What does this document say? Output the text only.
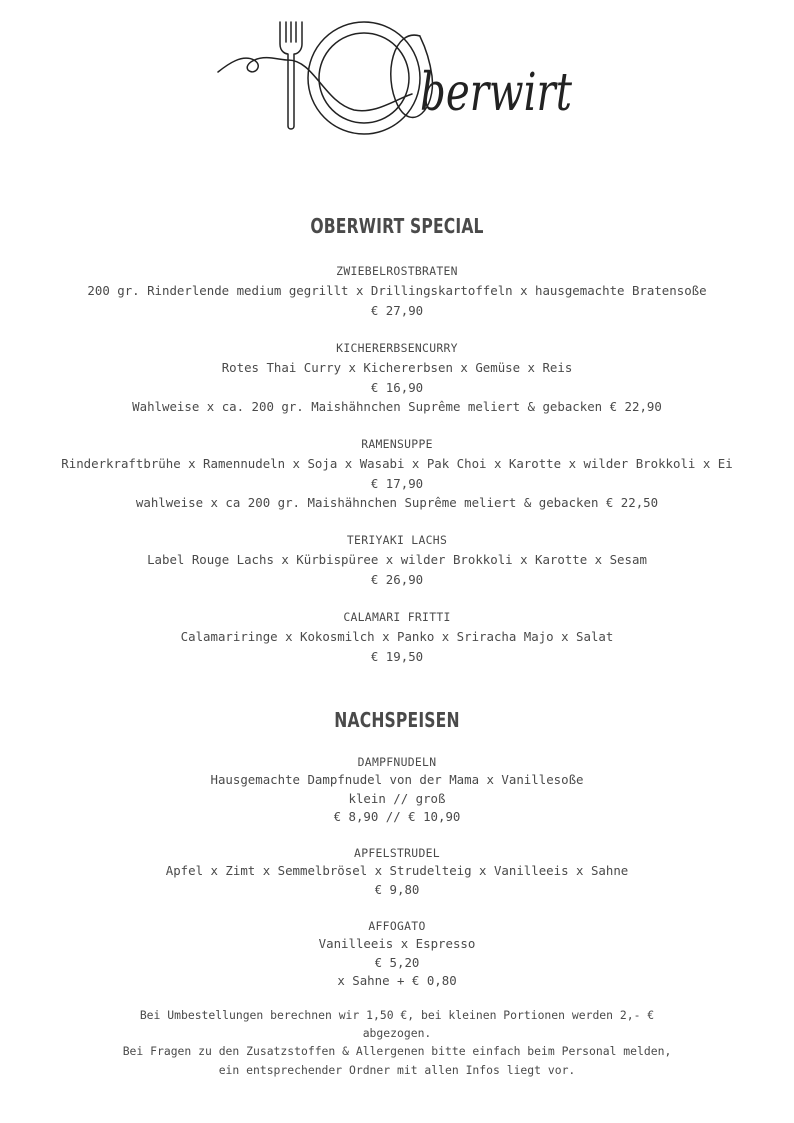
berwirt
OBERWIRT SPECIAL
ZWIEBELROSTBRATEN
200 gr. Rinderlende medium gegrillt x Drillingskartoffeln x hausgemachte Bratensoße
€ 27,90
KICHERERBSENCURRY
Rotes Thai Curry x Kichererbsen x Gemüse x Reis
€ 16,90
Wahlweise x ca. 200 gr. Maishähnchen Suprême meliert & gebacken € 22,90
RAMENSUPPE
Rinderkraftbrühe x Ramennudeln x Soja x Wasabi x Pak Choi x Karotte x wilder Brokkoli x Ei
€ 17,90
wahlweise x ca 200 gr. Maishähnchen Suprême meliert & gebacken € 22,50
TERIYAKI LACHS
Label Rouge Lachs x Kürbispüree x wilder Brokkoli x Karotte x Sesam
€ 26,90
CALAMARI FRITTI
Calamariringe x Kokosmilch x Panko x Sriracha Majo x Salat
€ 19,50
NACHSPEISEN
DAMPFNUDELN
Hausgemachte Dampfnudel von der Mama x Vanillesoße
klein // groß
€ 8,90 // € 10,90
APFELSTRUDEL
Apfel x Zimt x Semmelbrösel x Strudelteig x Vanilleeis x Sahne
€ 9,80
AFFOGATO
Vanilleeis x Espresso
€ 5,20
x Sahne + € 0,80
Bei Umbestellungen berechnen wir 1,50 €, bei kleinen Portionen werden 2,- € abgezogen.
Bei Fragen zu den Zusatzstoffen & Allergenen bitte einfach beim Personal melden, ein entsprechender Ordner mit allen Infos liegt vor.
